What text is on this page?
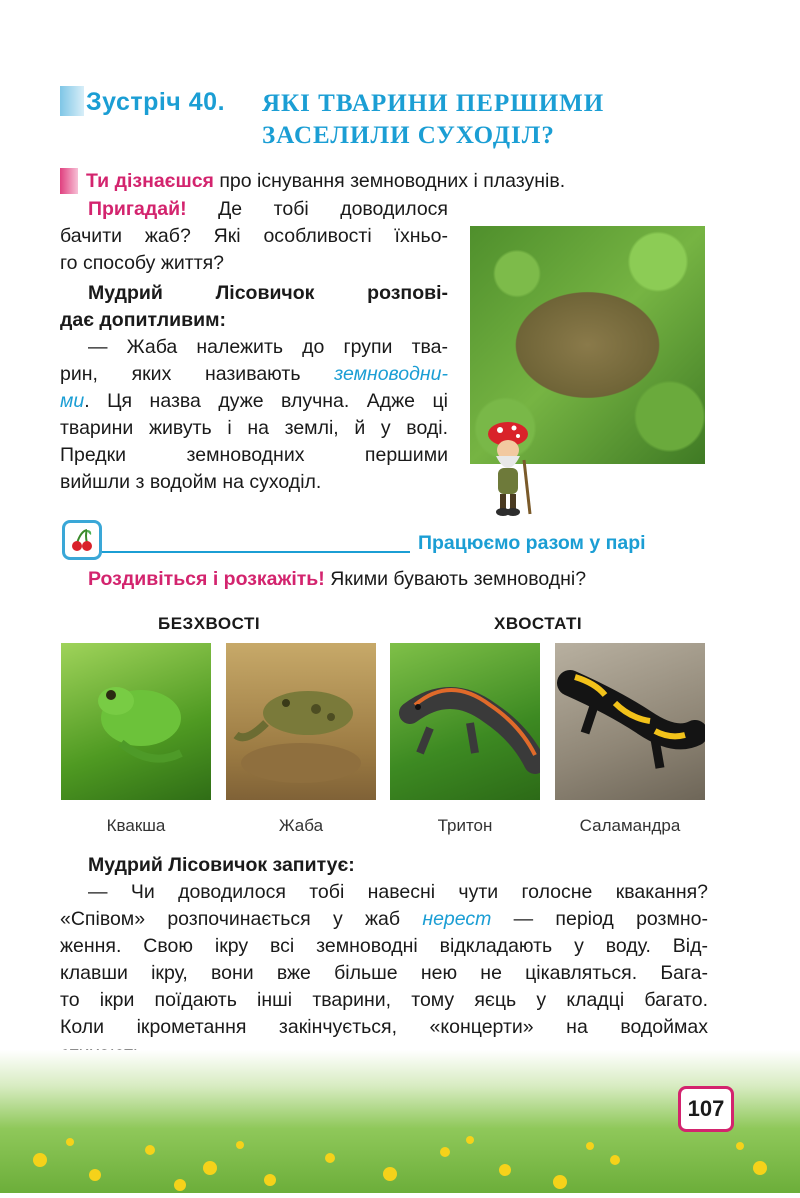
Зустріч 40. ЯКІ ТВАРИНИ ПЕРШИМИ
ЗАСЕЛИЛИ СУХОДІЛ?
Ти дізнаєшся про існування земноводних і плазунів.
Пригадай! Де тобі доводилося
бачити жаб? Які особливості їхньо-
го способу життя?
Мудрий Лісовичок розпові-
дає допитливим:
— Жаба належить до групи тва-
рин, яких називають земноводни-
ми. Ця назва дуже влучна. Адже ці
тварини живуть і на землі, й у воді.
Предки земноводних першими
вийшли з водойм на суходіл.
Працюємо разом у парі
Роздивіться і розкажіть! Якими бувають земноводні?
БЕЗХВОСТІ	ХВОСТАТІ
Квакша	Жаба	Тритон	Саламандра
Мудрий Лісовичок запитує:
— Чи доводилося тобі навесні чути голосне квакання?
«Співом» розпочинається у жаб нерест — період розмно-
ження. Свою ікру всі земноводні відкладають у воду. Від-
клавши ікру, вони вже більше нею не цікавляться. Бага-
то ікри поїдають інші тварини, тому яєць у кладці багато.
Коли ікрометання закінчується, «концерти» на водоймах
107
